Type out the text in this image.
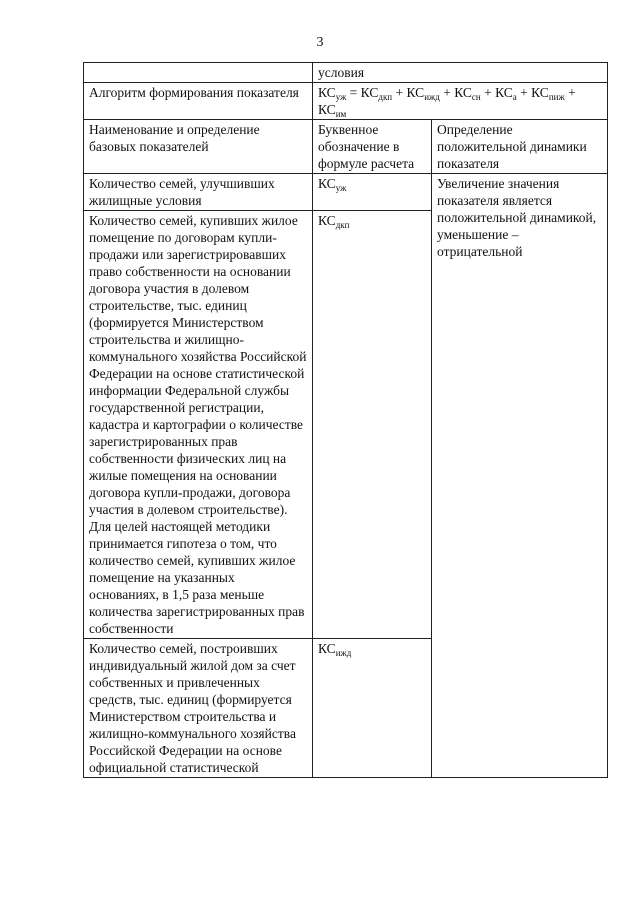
3
	условия	
Алгоритм формирования показателя	$КС_{уж} = КС_{дкп} + КС_{ижд} + КС_{сн} + КС_а + КС_{пиж} + КС_{им}$
Наименование и определение базовых показателей	Буквенное обозначение в формуле расчета	Определение положительной динамики показателя
Количество семей, улучшивших жилищные условия	$КС_{уж}$	Увеличение значения показателя является положительной динамикой, уменьшение – отрицательной
Количество семей, купивших жилое помещение по договорам купли-продажи или зарегистрировавших право собственности на основании договора участия в долевом строительстве, тыс. единиц (формируется Министерством строительства и жилищно-коммунального хозяйства Российской Федерации на основе статистической информации Федеральной службы государственной регистрации, кадастра и картографии о количестве зарегистрированных прав собственности физических лиц на жилые помещения на основании договора купли-продажи, договора участия в долевом строительстве). Для целей настоящей методики принимается гипотеза о том, что количество семей, купивших жилое помещение на указанных основаниях, в 1,5 раза меньше количества зарегистрированных прав собственности	$КС_{дкп}$
Количество семей, построивших индивидуальный жилой дом за счет собственных и привлеченных средств, тыс. единиц (формируется Министерством строительства и жилищно-коммунального хозяйства Российской Федерации на основе официальной статистической	$КС_{ижд}$
